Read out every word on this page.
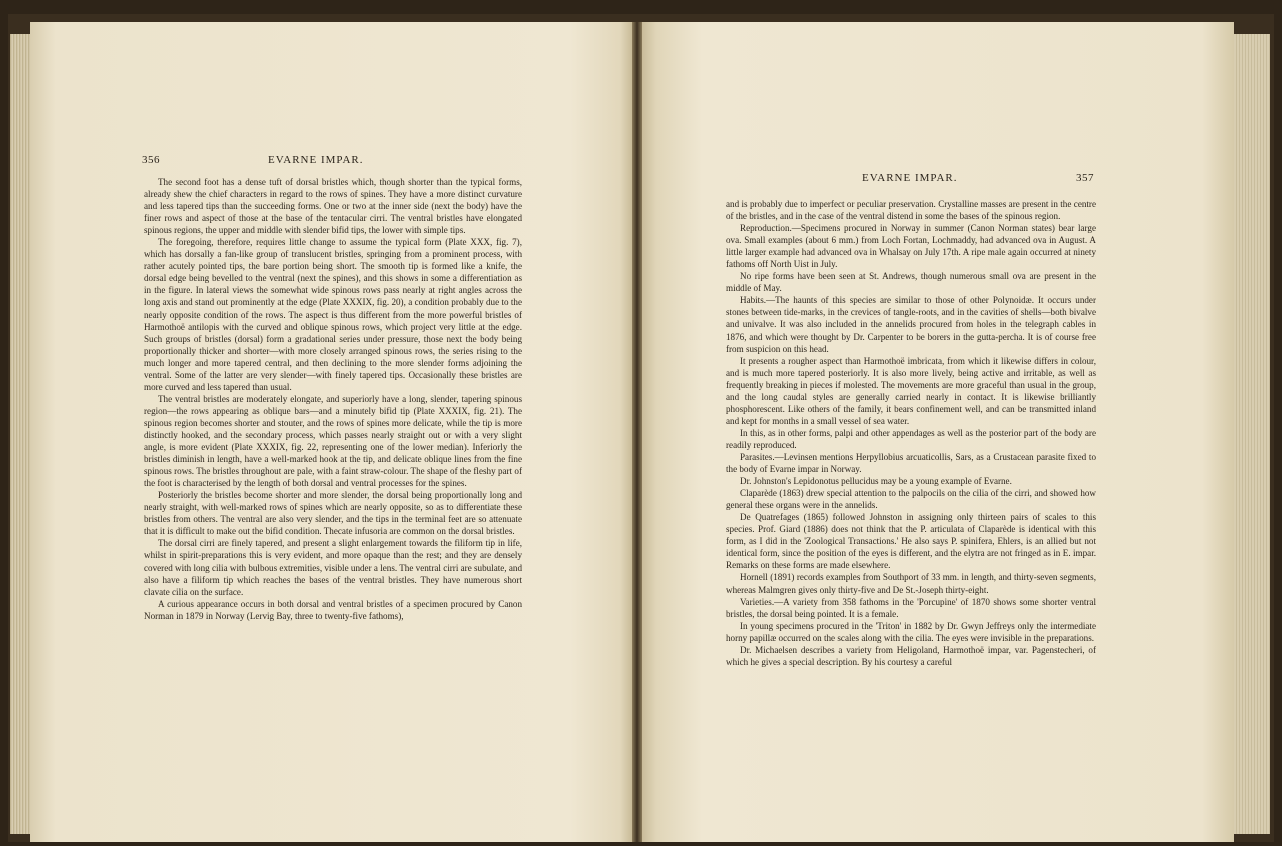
356	EVARNE IMPAR.

The second foot has a dense tuft of dorsal bristles which, though shorter than the typical forms, already shew the chief characters in regard to the rows of spines. They have a more distinct curvature and less tapered tips than the succeeding forms. One or two at the inner side (next the body) have the finer rows and aspect of those at the base of the tentacular cirri. The ventral bristles have elongated spinous regions, the upper and middle with slender bifid tips, the lower with simple tips.

The foregoing, therefore, requires little change to assume the typical form (Plate XXX, fig. 7), which has dorsally a fan-like group of translucent bristles, springing from a prominent process, with rather acutely pointed tips, the bare portion being short. The smooth tip is formed like a knife, the dorsal edge being bevelled to the ventral (next the spines), and this shows in some a differentiation as in the figure. In lateral views the somewhat wide spinous rows pass nearly at right angles across the long axis and stand out prominently at the edge (Plate XXXIX, fig. 20), a condition probably due to the nearly opposite condition of the rows. The aspect is thus different from the more powerful bristles of Harmothoë antilopis with the curved and oblique spinous rows, which project very little at the edge. Such groups of bristles (dorsal) form a gradational series under pressure, those next the body being proportionally thicker and shorter—with more closely arranged spinous rows, the series rising to the much longer and more tapered central, and then declining to the more slender forms adjoining the ventral. Some of the latter are very slender—with finely tapered tips. Occasionally these bristles are more curved and less tapered than usual.

The ventral bristles are moderately elongate, and superiorly have a long, slender, tapering spinous region—the rows appearing as oblique bars—and a minutely bifid tip (Plate XXXIX, fig. 21). The spinous region becomes shorter and stouter, and the rows of spines more delicate, while the tip is more distinctly hooked, and the secondary process, which passes nearly straight out or with a very slight angle, is more evident (Plate XXXIX, fig. 22, representing one of the lower median). Inferiorly the bristles diminish in length, have a well-marked hook at the tip, and delicate oblique lines from the fine spinous rows. The bristles throughout are pale, with a faint straw-colour. The shape of the fleshy part of the foot is characterised by the length of both dorsal and ventral processes for the spines.

Posteriorly the bristles become shorter and more slender, the dorsal being proportionally long and nearly straight, with well-marked rows of spines which are nearly opposite, so as to differentiate these bristles from others. The ventral are also very slender, and the tips in the terminal feet are so attenuate that it is difficult to make out the bifid condition. Thecate infusoria are common on the dorsal bristles.

The dorsal cirri are finely tapered, and present a slight enlargement towards the filiform tip in life, whilst in spirit-preparations this is very evident, and more opaque than the rest; and they are densely covered with long cilia with bulbous extremities, visible under a lens. The ventral cirri are subulate, and also have a filiform tip which reaches the bases of the ventral bristles. They have numerous short clavate cilia on the surface.

A curious appearance occurs in both dorsal and ventral bristles of a specimen procured by Canon Norman in 1879 in Norway (Lervig Bay, three to twenty-five fathoms),

EVARNE IMPAR.	357

and is probably due to imperfect or peculiar preservation. Crystalline masses are present in the centre of the bristles, and in the case of the ventral distend in some the bases of the spinous region.

Reproduction.—Specimens procured in Norway in summer (Canon Norman states) bear large ova. Small examples (about 6 mm.) from Loch Fortan, Lochmaddy, had advanced ova in August. A little larger example had advanced ova in Whalsay on July 17th. A ripe male again occurred at ninety fathoms off North Uist in July.

No ripe forms have been seen at St. Andrews, though numerous small ova are present in the middle of May.

Habits.—The haunts of this species are similar to those of other Polynoidæ. It occurs under stones between tide-marks, in the crevices of tangle-roots, and in the cavities of shells—both bivalve and univalve. It was also included in the annelids procured from holes in the telegraph cables in 1876, and which were thought by Dr. Carpenter to be borers in the gutta-percha. It is of course free from suspicion on this head.

It presents a rougher aspect than Harmothoë imbricata, from which it likewise differs in colour, and is much more tapered posteriorly. It is also more lively, being active and irritable, as well as frequently breaking in pieces if molested. The movements are more graceful than usual in the group, and the long caudal styles are generally carried nearly in contact. It is likewise brilliantly phosphorescent. Like others of the family, it bears confinement well, and can be transmitted inland and kept for months in a small vessel of sea water.

In this, as in other forms, palpi and other appendages as well as the posterior part of the body are readily reproduced.

Parasites.—Levinsen mentions Herpyllobius arcuaticollis, Sars, as a Crustacean parasite fixed to the body of Evarne impar in Norway.

Dr. Johnston's Lepidonotus pellucidus may be a young example of Evarne.

Claparède (1863) drew special attention to the palpocils on the cilia of the cirri, and showed how general these organs were in the annelids.

De Quatrefages (1865) followed Johnston in assigning only thirteen pairs of scales to this species. Prof. Giard (1886) does not think that the P. articulata of Claparède is identical with this form, as I did in the 'Zoological Transactions.' He also says P. spinifera, Ehlers, is an allied but not identical form, since the position of the eyes is different, and the elytra are not fringed as in E. impar. Remarks on these forms are made elsewhere.

Hornell (1891) records examples from Southport of 33 mm. in length, and thirty-seven segments, whereas Malmgren gives only thirty-five and De St.-Joseph thirty-eight.

Varieties.—A variety from 358 fathoms in the 'Porcupine' of 1870 shows some shorter ventral bristles, the dorsal being pointed. It is a female.

In young specimens procured in the 'Triton' in 1882 by Dr. Gwyn Jeffreys only the intermediate horny papillæ occurred on the scales along with the cilia. The eyes were invisible in the preparations.

Dr. Michaelsen describes a variety from Heligoland, Harmothoë impar, var. Pagenstecheri, of which he gives a special description. By his courtesy a careful
